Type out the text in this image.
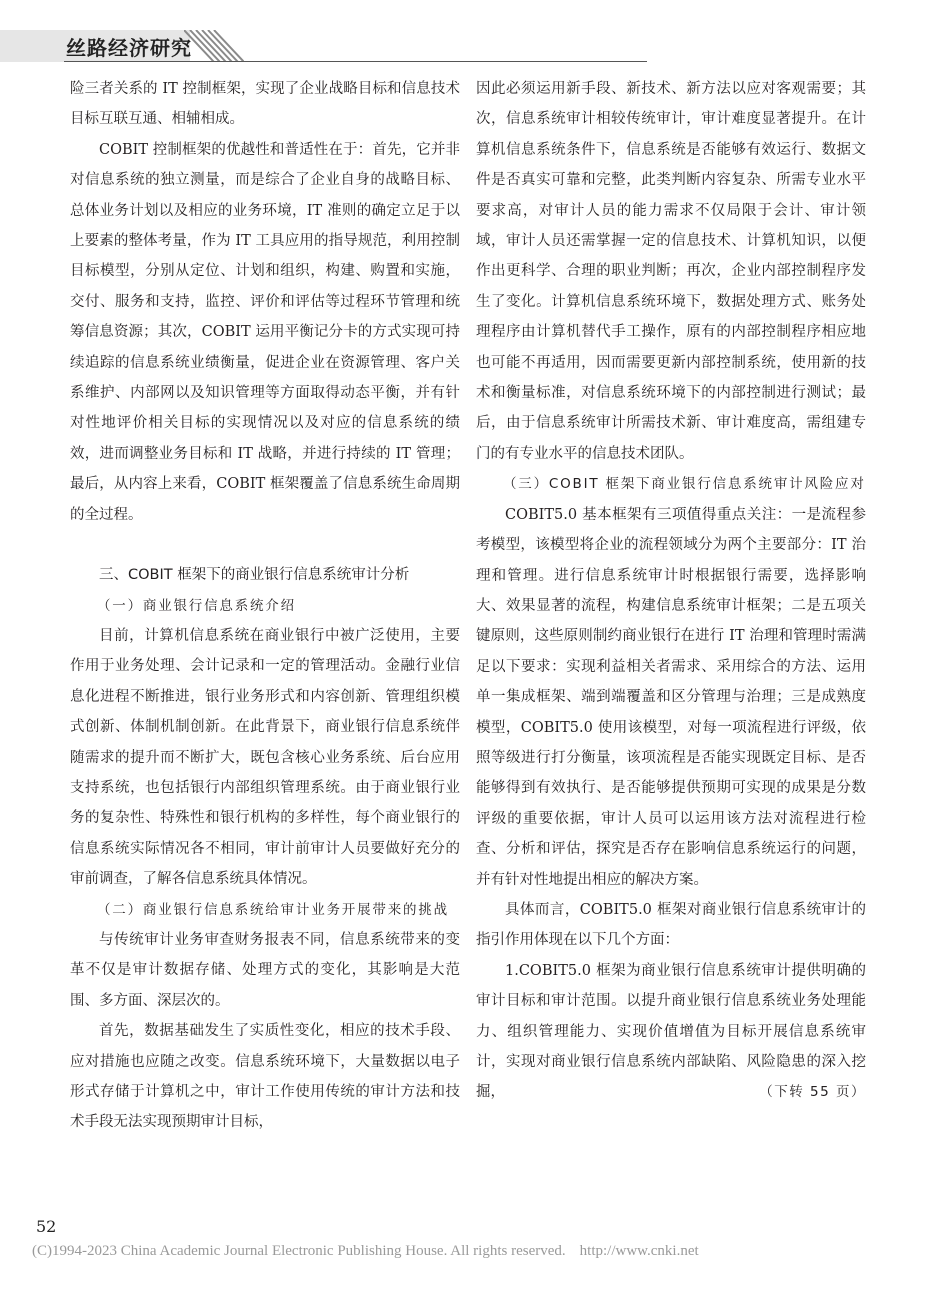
丝路经济研究

险三者关系的 IT 控制框架，实现了企业战略目标和信息技术目标互联互通、相辅相成。

COBIT 控制框架的优越性和普适性在于：首先，它并非对信息系统的独立测量，而是综合了企业自身的战略目标、总体业务计划以及相应的业务环境，IT 准则的确定立足于以上要素的整体考量，作为 IT 工具应用的指导规范，利用控制目标模型，分别从定位、计划和组织，构建、购置和实施，交付、服务和支持，监控、评价和评估等过程环节管理和统筹信息资源；其次，COBIT 运用平衡记分卡的方式实现可持续追踪的信息系统业绩衡量，促进企业在资源管理、客户关系维护、内部网以及知识管理等方面取得动态平衡，并有针对性地评价相关目标的实现情况以及对应的信息系统的绩效，进而调整业务目标和 IT 战略，并进行持续的 IT 管理；最后，从内容上来看，COBIT 框架覆盖了信息系统生命周期的全过程。

三、COBIT 框架下的商业银行信息系统审计分析

（一）商业银行信息系统介绍

目前，计算机信息系统在商业银行中被广泛使用，主要作用于业务处理、会计记录和一定的管理活动。金融行业信息化进程不断推进，银行业务形式和内容创新、管理组织模式创新、体制机制创新。在此背景下，商业银行信息系统伴随需求的提升而不断扩大，既包含核心业务系统、后台应用支持系统，也包括银行内部组织管理系统。由于商业银行业务的复杂性、特殊性和银行机构的多样性，每个商业银行的信息系统实际情况各不相同，审计前审计人员要做好充分的审前调查，了解各信息系统具体情况。

（二）商业银行信息系统给审计业务开展带来的挑战

与传统审计业务审查财务报表不同，信息系统带来的变革不仅是审计数据存储、处理方式的变化，其影响是大范围、多方面、深层次的。

首先，数据基础发生了实质性变化，相应的技术手段、应对措施也应随之改变。信息系统环境下，大量数据以电子形式存储于计算机之中，审计工作使用传统的审计方法和技术手段无法实现预期审计目标，

因此必须运用新手段、新技术、新方法以应对客观需要；其次，信息系统审计相较传统审计，审计难度显著提升。在计算机信息系统条件下，信息系统是否能够有效运行、数据文件是否真实可靠和完整，此类判断内容复杂、所需专业水平要求高，对审计人员的能力需求不仅局限于会计、审计领域，审计人员还需掌握一定的信息技术、计算机知识，以便作出更科学、合理的职业判断；再次，企业内部控制程序发生了变化。计算机信息系统环境下，数据处理方式、账务处理程序由计算机替代手工操作，原有的内部控制程序相应地也可能不再适用，因而需要更新内部控制系统，使用新的技术和衡量标准，对信息系统环境下的内部控制进行测试；最后，由于信息系统审计所需技术新、审计难度高，需组建专门的有专业水平的信息技术团队。

（三）COBIT 框架下商业银行信息系统审计风险应对

COBIT5.0 基本框架有三项值得重点关注：一是流程参考模型，该模型将企业的流程领域分为两个主要部分：IT 治理和管理。进行信息系统审计时根据银行需要，选择影响大、效果显著的流程，构建信息系统审计框架；二是五项关键原则，这些原则制约商业银行在进行 IT 治理和管理时需满足以下要求：实现利益相关者需求、采用综合的方法、运用单一集成框架、端到端覆盖和区分管理与治理；三是成熟度模型，COBIT5.0 使用该模型，对每一项流程进行评级，依照等级进行打分衡量，该项流程是否能实现既定目标、是否能够得到有效执行、是否能够提供预期可实现的成果是分数评级的重要依据，审计人员可以运用该方法对流程进行检查、分析和评估，探究是否存在影响信息系统运行的问题，并有针对性地提出相应的解决方案。

具体而言，COBIT5.0 框架对商业银行信息系统审计的指引作用体现在以下几个方面：

1.COBIT5.0 框架为商业银行信息系统审计提供明确的审计目标和审计范围。以提升商业银行信息系统业务处理能力、组织管理能力、实现价值增值为目标开展信息系统审计，实现对商业银行信息系统内部缺陷、风险隐患的深入挖掘，	（下转 55 页）

52
(C)1994-2023 China Academic Journal Electronic Publishing House. All rights reserved. http://www.cnki.net
